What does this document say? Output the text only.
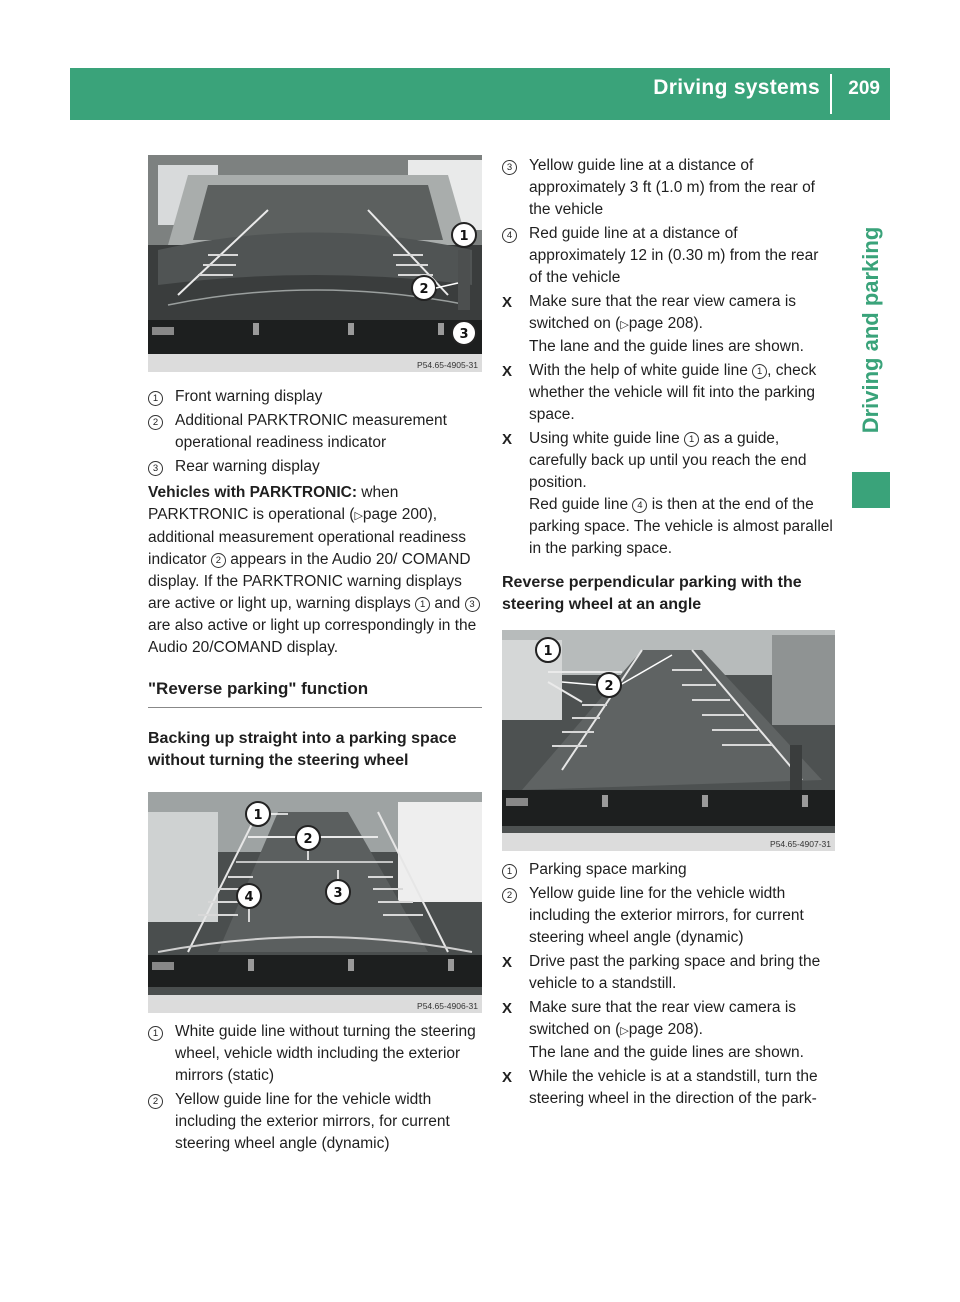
Driving systems 209
Driving and parking
1
2
3
P54.65-4905-31
1	Front warning display
2	Additional PARKTRONIC measurement operational readiness indicator
3	Rear warning display
Vehicles with PARKTRONIC: when PARKTRONIC is operational (▷page 200), additional measurement operational readiness indicator 2 appears in the Audio 20/ COMAND display. If the PARKTRONIC warning displays are active or light up, warning displays 1 and 3 are also active or light up correspondingly in the Audio 20/COMAND display.
"Reverse parking" function
Backing up straight into a parking space without turning the steering wheel
1
2
3
4
P54.65-4906-31
1	White guide line without turning the steering wheel, vehicle width including the exterior mirrors (static)
2	Yellow guide line for the vehicle width including the exterior mirrors, for current steering wheel angle (dynamic)
3	Yellow guide line at a distance of approximately 3 ft (1.0 m) from the rear of the vehicle
4	Red guide line at a distance of approximately 12 in (0.30 m) from the rear of the vehicle
X Make sure that the rear view camera is switched on (▷page 208).
The lane and the guide lines are shown.
X With the help of white guide line 1 , check whether the vehicle will fit into the parking space.
X Using white guide line 1 as a guide, carefully back up until you reach the end position.
Red guide line 4 is then at the end of the parking space. The vehicle is almost parallel in the parking space.
Reverse perpendicular parking with the steering wheel at an angle
1
2
P54.65-4907-31
1	Parking space marking
2	Yellow guide line for the vehicle width including the exterior mirrors, for current steering wheel angle (dynamic)
X Drive past the parking space and bring the vehicle to a standstill.
X Make sure that the rear view camera is switched on (▷page 208).
The lane and the guide lines are shown.
X While the vehicle is at a standstill, turn the steering wheel in the direction of the park-
